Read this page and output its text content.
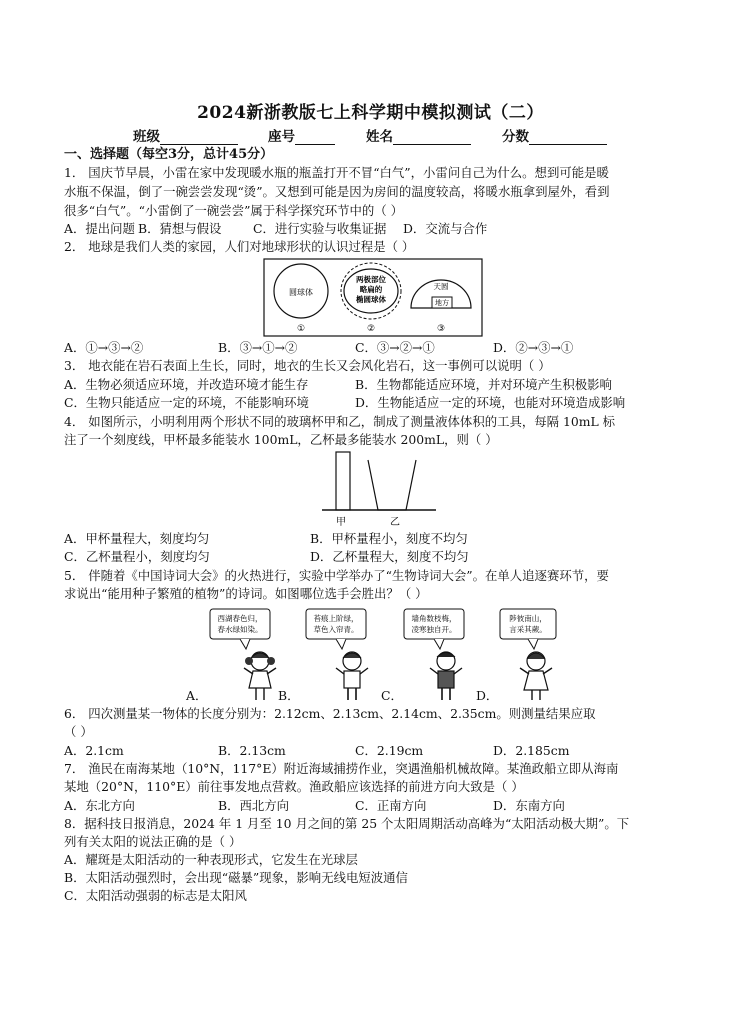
2024新浙教版七上科学期中模拟测试（二）
班级	座号	姓名	分数
一、选择题（每空3分，总计45分）
1． 国庆节早晨，小雷在家中发现暖水瓶的瓶盖打开不冒“白气”，小雷问自己为什么。想到可能是暖
水瓶不保温，倒了一碗尝尝发现“烫”。又想到可能是因为房间的温度较高，将暖水瓶拿到屋外，看到
很多“白气”。“小雷倒了一碗尝尝”属于科学探究环节中的（ ）
A．提出问题 B．猜想与假设	C．进行实验与收集证据 D．交流与合作
2． 地球是我们人类的家园，人们对地球形状的认识过程是（ ）
圆球体
两极部位
略扁的
椭圆球体
天圆
地方
①	②	③
A．①→③→②	B．③→①→②	C．③→②→①	D．②→③→①
3． 地衣能在岩石表面上生长，同时，地衣的生长又会风化岩石，这一事例可以说明（ ）
A．生物必须适应环境，并改造环境才能生存	B．生物都能适应环境，并对环境产生积极影响
C．生物只能适应一定的环境，不能影响环境	D．生物能适应一定的环境，也能对环境造成影响
4． 如图所示，小明利用两个形状不同的玻璃杯甲和乙，制成了测量液体体积的工具，每隔 10mL 标
注了一个刻度线，甲杯最多能装水 100mL，乙杯最多能装水 200mL，则（ ）
甲	乙
A．甲杯量程大，刻度均匀	B．甲杯量程小，刻度不均匀
C．乙杯量程小，刻度均匀	D．乙杯量程大，刻度不均匀
5． 伴随着《中国诗词大会》的火热进行，实验中学举办了“生物诗词大会”。在单人追逐赛环节，要
求说出“能用种子繁殖的植物”的诗词。如图哪位选手会胜出？（ ）
西湖春色归，
春水绿如染。
苔痕上阶绿，
草色入帘青。
墙角数枝梅，
凌寒独自开。
陟彼南山，
言采其蕨。
A．	B．	C．	D．
6． 四次测量某一物体的长度分别为：2.12cm、2.13cm、2.14cm、2.35cm。则测量结果应取
（ ）
A．2.1cm	B．2.13cm	C．2.19cm	D．2.185cm
7． 渔民在南海某地（10°N，117°E）附近海域捕捞作业，突遇渔船机械故障。某渔政船立即从海南
某地（20°N，110°E）前往事发地点营救。渔政船应该选择的前进方向大致是（ ）
A．东北方向	B．西北方向	C．正南方向	D．东南方向
8．据科技日报消息，2024 年 1 月至 10 月之间的第 25 个太阳周期活动高峰为“太阳活动极大期”。下
列有关太阳的说法正确的是（ ）
A．耀斑是太阳活动的一种表现形式，它发生在光球层
B．太阳活动强烈时，会出现“磁暴”现象，影响无线电短波通信
C．太阳活动强弱的标志是太阳风
